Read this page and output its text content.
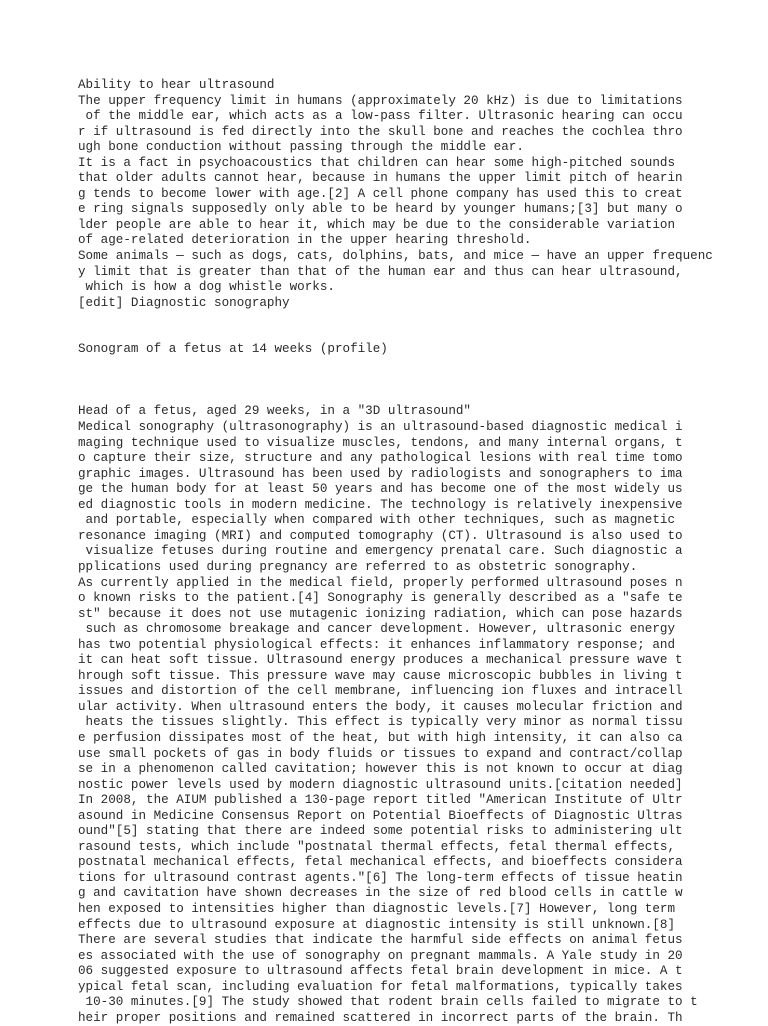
Ability to hear ultrasound
The upper frequency limit in humans (approximately 20 kHz) is due to limitations
of the middle ear, which acts as a low-pass filter. Ultrasonic hearing can occu
r if ultrasound is fed directly into the skull bone and reaches the cochlea thro
ugh bone conduction without passing through the middle ear.
It is a fact in psychoacoustics that children can hear some high-pitched sounds
that older adults cannot hear, because in humans the upper limit pitch of hearin
g tends to become lower with age.[2] A cell phone company has used this to creat
e ring signals supposedly only able to be heard by younger humans;[3] but many o
lder people are able to hear it, which may be due to the considerable variation
of age-related deterioration in the upper hearing threshold.
Some animals — such as dogs, cats, dolphins, bats, and mice — have an upper frequenc
y limit that is greater than that of the human ear and thus can hear ultrasound,
which is how a dog whistle works.
[edit] Diagnostic sonography

Sonogram of a fetus at 14 weeks (profile)

Head of a fetus, aged 29 weeks, in a "3D ultrasound"
Medical sonography (ultrasonography) is an ultrasound-based diagnostic medical i
maging technique used to visualize muscles, tendons, and many internal organs, t
o capture their size, structure and any pathological lesions with real time tomo
graphic images. Ultrasound has been used by radiologists and sonographers to ima
ge the human body for at least 50 years and has become one of the most widely us
ed diagnostic tools in modern medicine. The technology is relatively inexpensive
and portable, especially when compared with other techniques, such as magnetic
resonance imaging (MRI) and computed tomography (CT). Ultrasound is also used to
visualize fetuses during routine and emergency prenatal care. Such diagnostic a
pplications used during pregnancy are referred to as obstetric sonography.
As currently applied in the medical field, properly performed ultrasound poses n
o known risks to the patient.[4] Sonography is generally described as a "safe te
st" because it does not use mutagenic ionizing radiation, which can pose hazards
such as chromosome breakage and cancer development. However, ultrasonic energy
has two potential physiological effects: it enhances inflammatory response; and
it can heat soft tissue. Ultrasound energy produces a mechanical pressure wave t
hrough soft tissue. This pressure wave may cause microscopic bubbles in living t
issues and distortion of the cell membrane, influencing ion fluxes and intracell
ular activity. When ultrasound enters the body, it causes molecular friction and
heats the tissues slightly. This effect is typically very minor as normal tissu
e perfusion dissipates most of the heat, but with high intensity, it can also ca
use small pockets of gas in body fluids or tissues to expand and contract/collap
se in a phenomenon called cavitation; however this is not known to occur at diag
nostic power levels used by modern diagnostic ultrasound units.[citation needed]
In 2008, the AIUM published a 130-page report titled "American Institute of Ultr
asound in Medicine Consensus Report on Potential Bioeffects of Diagnostic Ultras
ound"[5] stating that there are indeed some potential risks to administering ult
rasound tests, which include "postnatal thermal effects, fetal thermal effects,
postnatal mechanical effects, fetal mechanical effects, and bioeffects considera
tions for ultrasound contrast agents."[6] The long-term effects of tissue heatin
g and cavitation have shown decreases in the size of red blood cells in cattle w
hen exposed to intensities higher than diagnostic levels.[7] However, long term
effects due to ultrasound exposure at diagnostic intensity is still unknown.[8]
There are several studies that indicate the harmful side effects on animal fetus
es associated with the use of sonography on pregnant mammals. A Yale study in 20
06 suggested exposure to ultrasound affects fetal brain development in mice. A t
ypical fetal scan, including evaluation for fetal malformations, typically takes
10-30 minutes.[9] The study showed that rodent brain cells failed to migrate to t
heir proper positions and remained scattered in incorrect parts of the brain. Th
